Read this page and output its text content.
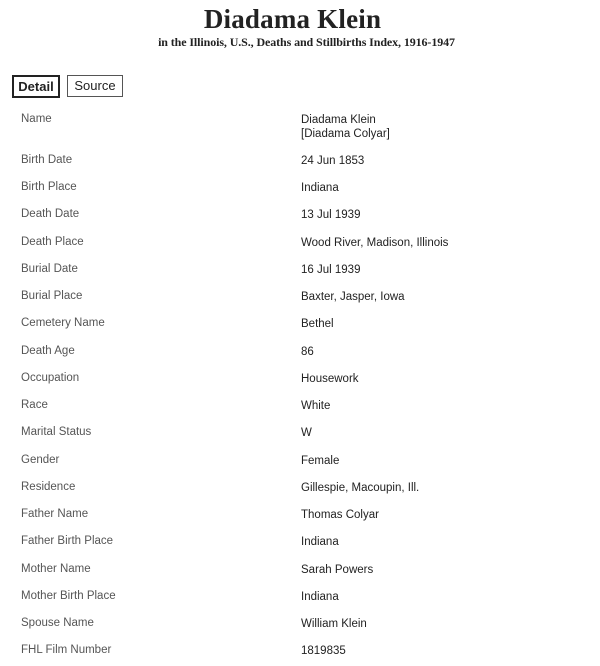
Diadama Klein
in the Illinois, U.S., Deaths and Stillbirths Index, 1916-1947
Detail	Source
Name	Diadama Klein
[Diadama Colyar]
Birth Date	24 Jun 1853
Birth Place	Indiana
Death Date	13 Jul 1939
Death Place	Wood River, Madison, Illinois
Burial Date	16 Jul 1939
Burial Place	Baxter, Jasper, Iowa
Cemetery Name	Bethel
Death Age	86
Occupation	Housework
Race	White
Marital Status	W
Gender	Female
Residence	Gillespie, Macoupin, Ill.
Father Name	Thomas Colyar
Father Birth Place	Indiana
Mother Name	Sarah Powers
Mother Birth Place	Indiana
Spouse Name	William Klein
FHL Film Number	1819835
